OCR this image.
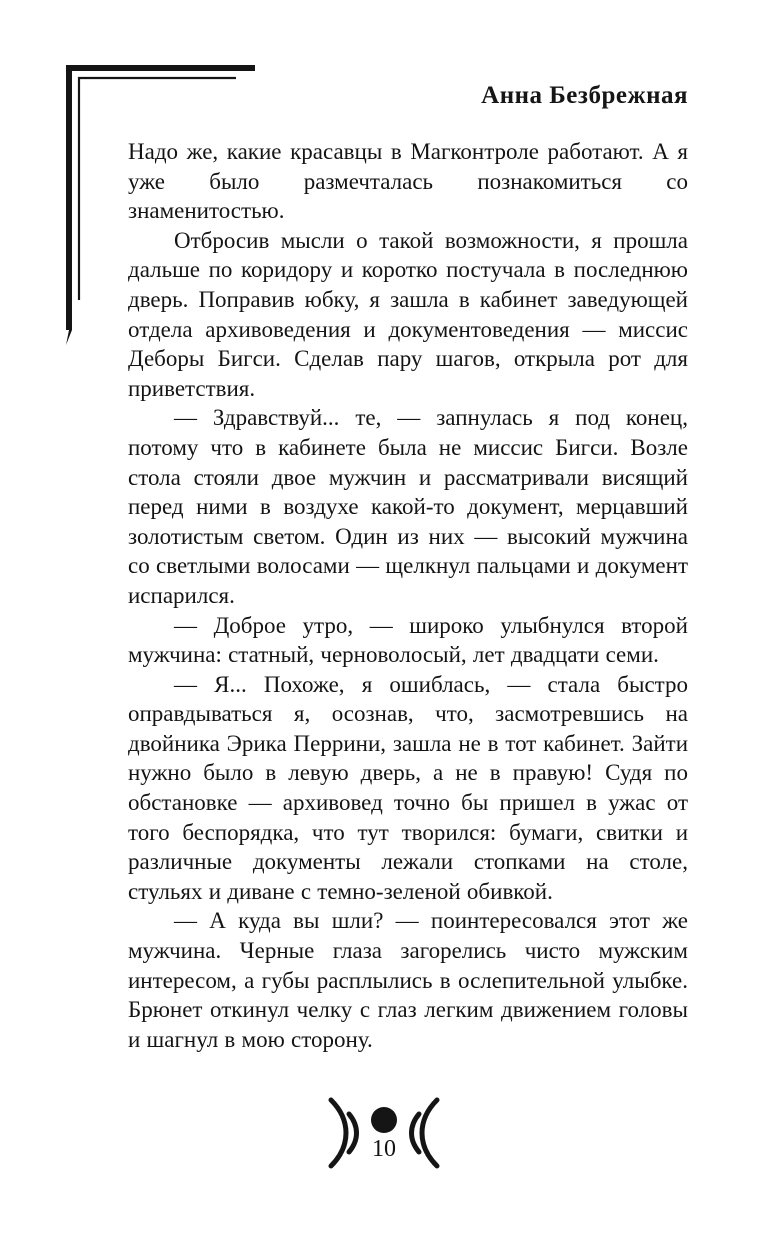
Анна Безбрежная

Надо же, какие красавцы в Магконтроле работают. А я уже было размечталась познакомиться со знаменитостью.

Отбросив мысли о такой возможности, я прошла дальше по коридору и коротко постучала в последнюю дверь. Поправив юбку, я зашла в кабинет заведующей отдела архивоведения и документоведения — миссис Деборы Бигси. Сделав пару шагов, открыла рот для приветствия.

— Здравствуй... те, — запнулась я под конец, потому что в кабинете была не миссис Бигси. Возле стола стояли двое мужчин и рассматривали висящий перед ними в воздухе какой-то документ, мерцавший золотистым светом. Один из них — высокий мужчина со светлыми волосами — щелкнул пальцами и документ испарился.

— Доброе утро, — широко улыбнулся второй мужчина: статный, черноволосый, лет двадцати семи.

— Я... Похоже, я ошиблась, — стала быстро оправдываться я, осознав, что, засмотревшись на двойника Эрика Перрини, зашла не в тот кабинет. Зайти нужно было в левую дверь, а не в правую! Судя по обстановке — архивовед точно бы пришел в ужас от того беспорядка, что тут творился: бумаги, свитки и различные документы лежали стопками на столе, стульях и диване с темно-зеленой обивкой.

— А куда вы шли? — поинтересовался этот же мужчина. Черные глаза загорелись чисто мужским интересом, а губы расплылись в ослепительной улыбке. Брюнет откинул челку с глаз легким движением головы и шагнул в мою сторону.

10
